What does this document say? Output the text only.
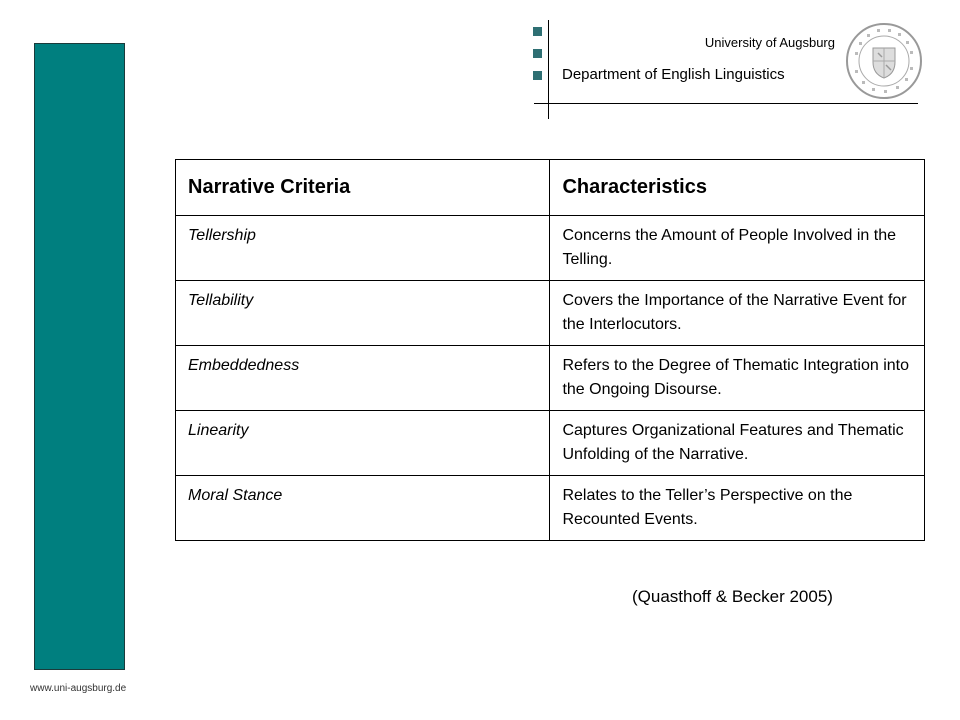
www.uni-augsburg.de
University of Augsburg
Department of English Linguistics
Narrative Criteria	Characteristics
Tellership	Concerns the Amount of People Involved in the Telling.
Tellability	Covers the Importance of the Narrative Event for the Interlocutors.
Embeddedness	Refers to the Degree of Thematic Integration into the Ongoing Disourse.
Linearity	Captures Organizational Features and Thematic Unfolding of the Narrative.
Moral Stance	Relates to the Teller’s Perspective on the Recounted Events.
(Quasthoff & Becker 2005)
